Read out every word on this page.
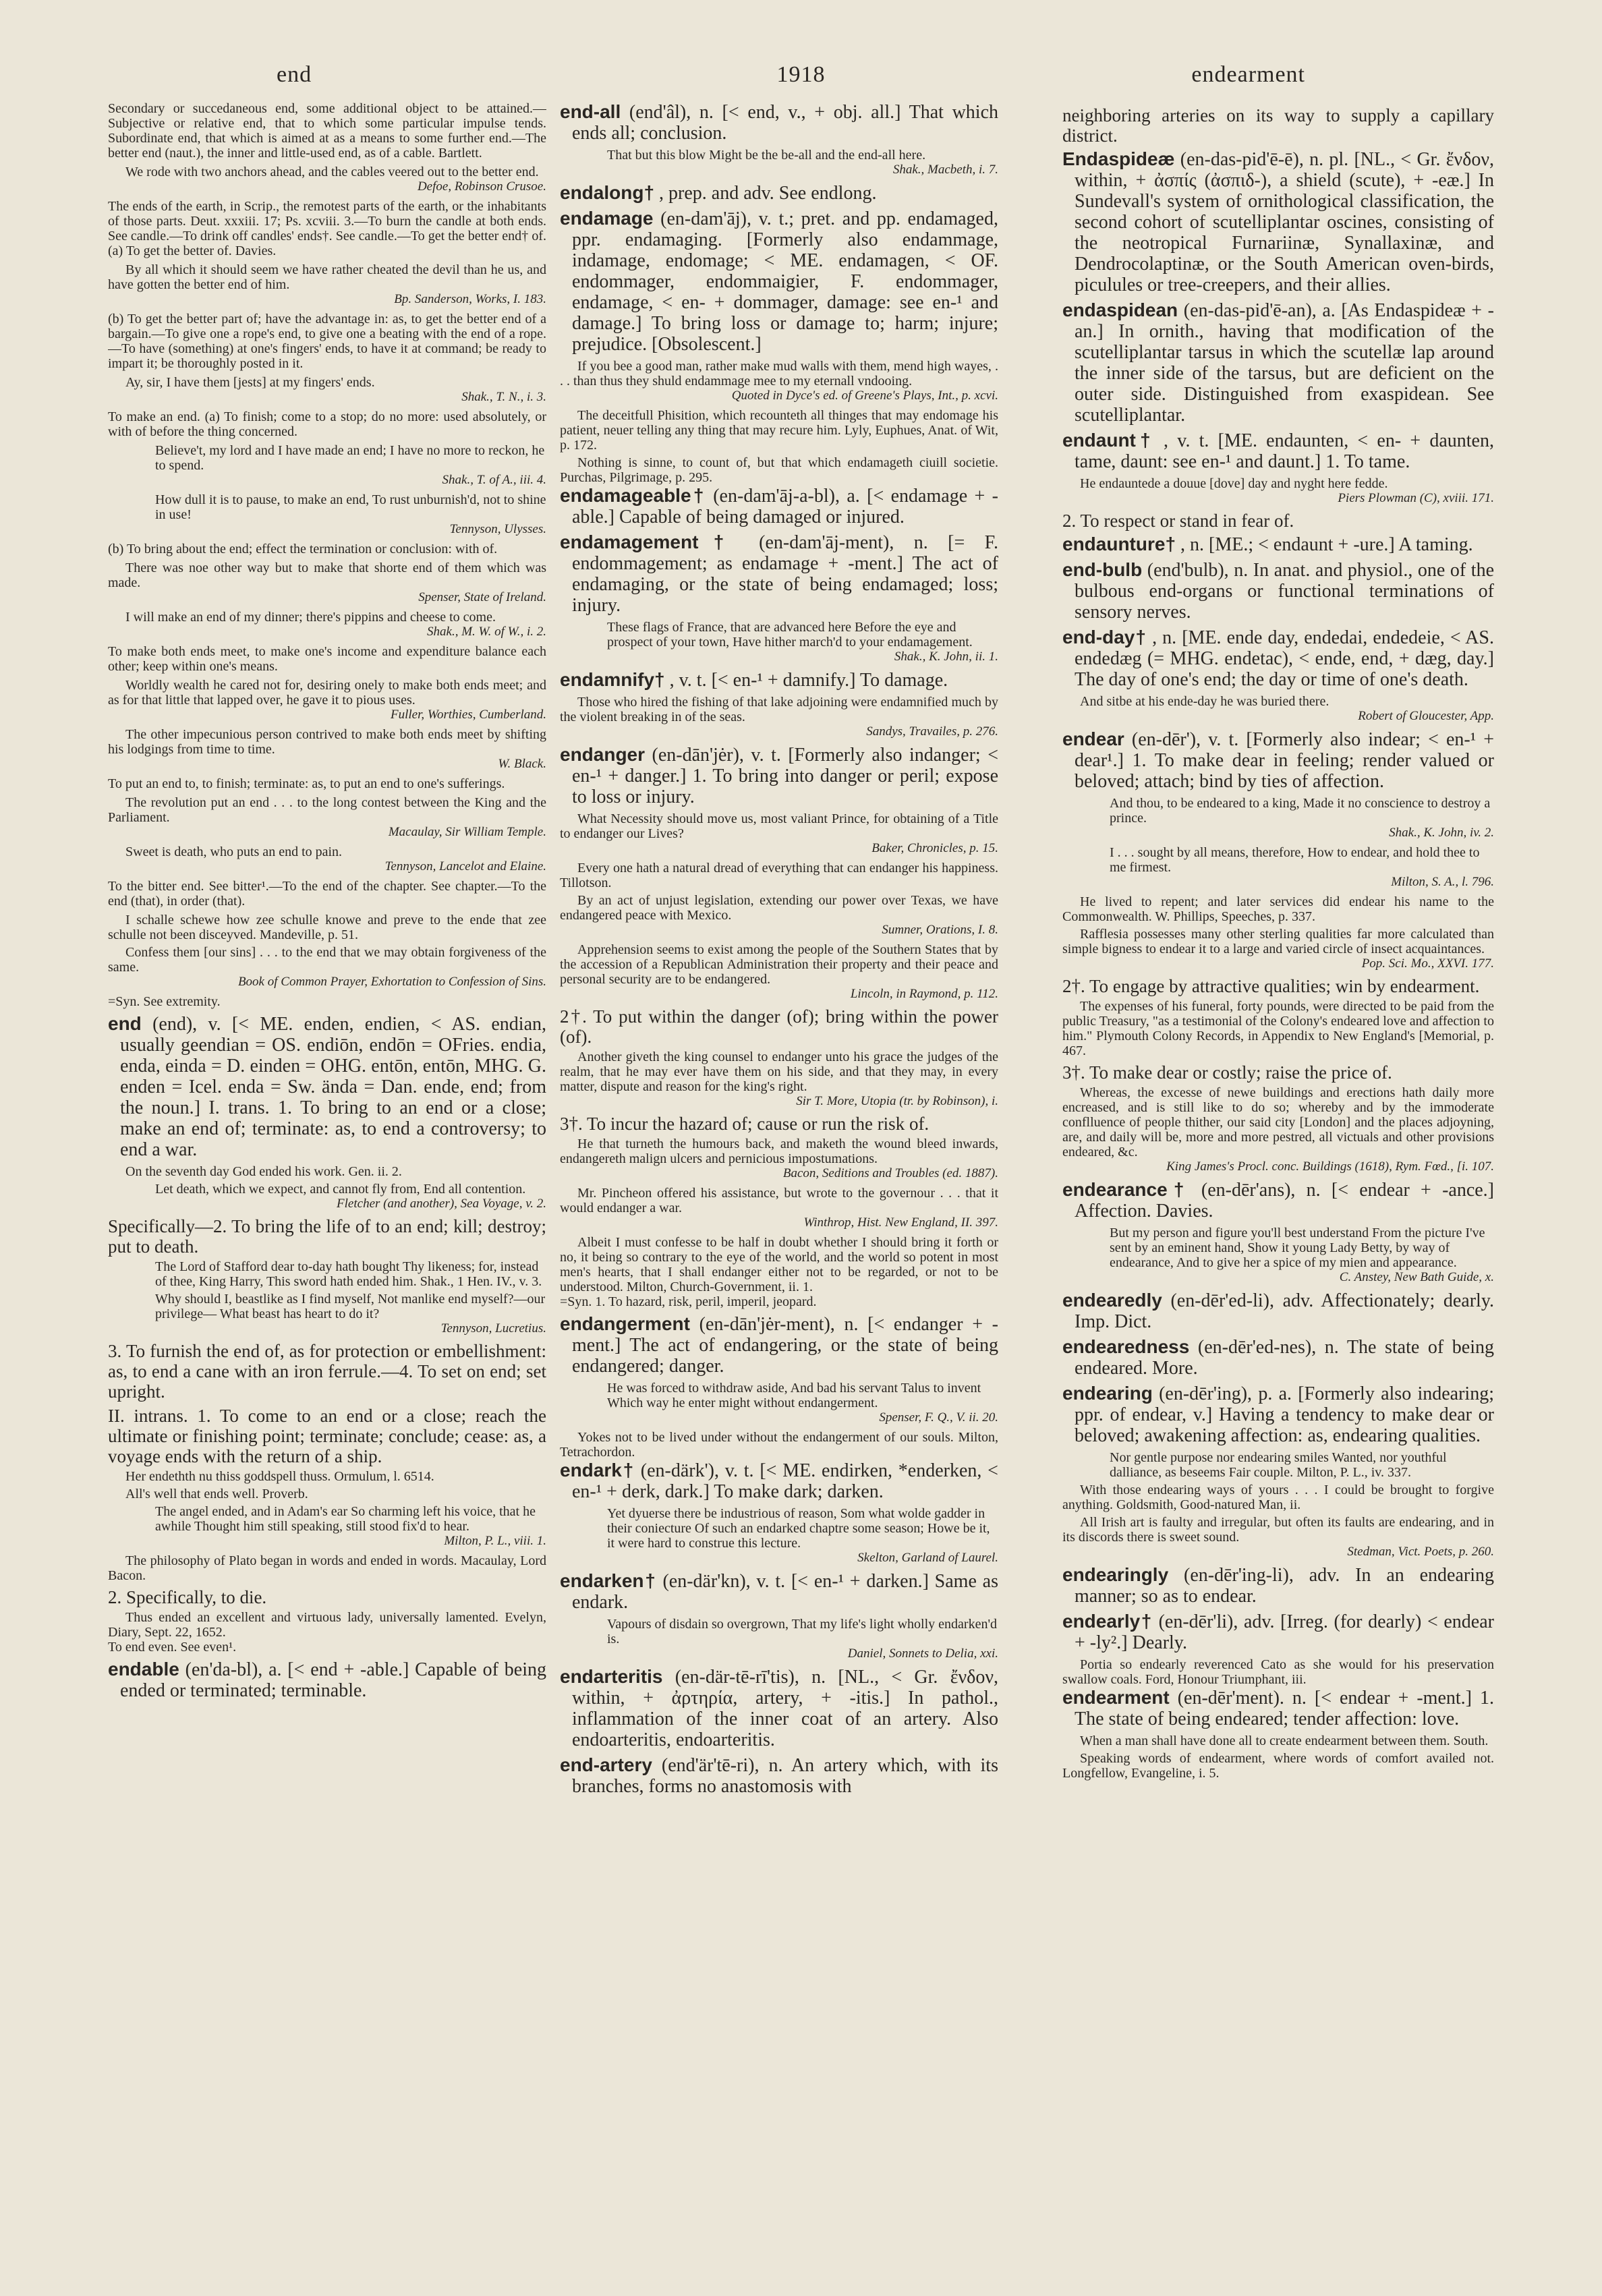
end	1918	endearment

Secondary or succedaneous end, some additional object to be attained.—Subjective or relative end, that to which some particular impulse tends. Subordinate end, that which is aimed at as a means to some further end.—The better end (naut.), the inner and little-used end, as of a cable. Bartlett.

We rode with two anchors ahead, and the cables veered out to the better end.

Defoe, Robinson Crusoe.

The ends of the earth, in Scrip., the remotest parts of the earth, or the inhabitants of those parts. Deut. xxxiii. 17; Ps. xcviii. 3.—To burn the candle at both ends. See candle.—To drink off candles' ends†. See candle.—To get the better end† of. (a) To get the better of. Davies.

By all which it should seem we have rather cheated the devil than he us, and have gotten the better end of him.

Bp. Sanderson, Works, I. 183.

(b) To get the better part of; have the advantage in: as, to get the better end of a bargain.—To give one a rope's end, to give one a beating with the end of a rope.—To have (something) at one's fingers' ends, to have it at command; be ready to impart it; be thoroughly posted in it.

Ay, sir, I have them [jests] at my fingers' ends.

Shak., T. N., i. 3.

To make an end. (a) To finish; come to a stop; do no more: used absolutely, or with of before the thing concerned.

Believe't, my lord and I have made an end; I have no more to reckon, he to spend.

Shak., T. of A., iii. 4.

How dull it is to pause, to make an end, To rust unburnish'd, not to shine in use!

Tennyson, Ulysses.

(b) To bring about the end; effect the termination or conclusion: with of.

There was noe other way but to make that shorte end of them which was made.

Spenser, State of Ireland.

I will make an end of my dinner; there's pippins and cheese to come.

Shak., M. W. of W., i. 2.

To make both ends meet, to make one's income and expenditure balance each other; keep within one's means.

Worldly wealth he cared not for, desiring onely to make both ends meet; and as for that little that lapped over, he gave it to pious uses.

Fuller, Worthies, Cumberland.

The other impecunious person contrived to make both ends meet by shifting his lodgings from time to time.

W. Black.

To put an end to, to finish; terminate: as, to put an end to one's sufferings.

The revolution put an end . . . to the long contest between the King and the Parliament.

Macaulay, Sir William Temple.

Sweet is death, who puts an end to pain.

Tennyson, Lancelot and Elaine.

To the bitter end. See bitter¹.—To the end of the chapter. See chapter.—To the end (that), in order (that).

I schalle schewe how zee schulle knowe and preve to the ende that zee schulle not been disceyved. Mandeville, p. 51.

Confess them [our sins] . . . to the end that we may obtain forgiveness of the same.

Book of Common Prayer, Exhortation to Confession of Sins.

=Syn. See extremity.

end (end), v. [< ME. enden, endien, < AS. endian, usually geendian = OS. endiōn, endōn = OFries. endia, enda, einda = D. einden = OHG. entōn, entōn, MHG. G. enden = Icel. enda = Sw. ända = Dan. ende, end; from the noun.] I. trans. 1. To bring to an end or a close; make an end of; terminate: as, to end a controversy; to end a war.

On the seventh day God ended his work. Gen. ii. 2.

Let death, which we expect, and cannot fly from, End all contention.

Fletcher (and another), Sea Voyage, v. 2.

Specifically—2. To bring the life of to an end; kill; destroy; put to death.

The Lord of Stafford dear to-day hath bought Thy likeness; for, instead of thee, King Harry, This sword hath ended him. Shak., 1 Hen. IV., v. 3.

Why should I, beastlike as I find myself, Not manlike end myself?—our privilege— What beast has heart to do it?

Tennyson, Lucretius.

3. To furnish the end of, as for protection or embellishment: as, to end a cane with an iron ferrule.—4. To set on end; set upright.

II. intrans. 1. To come to an end or a close; reach the ultimate or finishing point; terminate; conclude; cease: as, a voyage ends with the return of a ship.

Her endethth nu thiss goddspell thuss. Ormulum, l. 6514.

All's well that ends well. Proverb.

The angel ended, and in Adam's ear So charming left his voice, that he awhile Thought him still speaking, still stood fix'd to hear.

Milton, P. L., viii. 1.

The philosophy of Plato began in words and ended in words. Macaulay, Lord Bacon.

2. Specifically, to die.

Thus ended an excellent and virtuous lady, universally lamented. Evelyn, Diary, Sept. 22, 1652.

To end even. See even¹.

endable (en'da-bl), a. [< end + -able.] Capable of being ended or terminated; terminable.

end-all (end'âl), n. [< end, v., + obj. all.] That which ends all; conclusion.

That but this blow Might be the be-all and the end-all here.

Shak., Macbeth, i. 7.

endalong† , prep. and adv. See endlong.

endamage (en-dam'āj), v. t.; pret. and pp. endamaged, ppr. endamaging. [Formerly also endammage, indamage, endomage; < ME. endamagen, < OF. endommager, endommaigier, F. endommager, endamage, < en- + dommager, damage: see en-¹ and damage.] To bring loss or damage to; harm; injure; prejudice. [Obsolescent.]

If you bee a good man, rather make mud walls with them, mend high wayes, . . . than thus they shuld endammage mee to my eternall vndooing.

Quoted in Dyce's ed. of Greene's Plays, Int., p. xcvi.

The deceitfull Phisition, which recounteth all thinges that may endomage his patient, neuer telling any thing that may recure him. Lyly, Euphues, Anat. of Wit, p. 172.

Nothing is sinne, to count of, but that which endamageth ciuill societie. Purchas, Pilgrimage, p. 295.

endamageable† (en-dam'āj-a-bl), a. [< endamage + -able.] Capable of being damaged or injured.

endamagement† (en-dam'āj-ment), n. [= F. endommagement; as endamage + -ment.] The act of endamaging, or the state of being endamaged; loss; injury.

These flags of France, that are advanced here Before the eye and prospect of your town, Have hither march'd to your endamagement.

Shak., K. John, ii. 1.

endamnify† , v. t. [< en-¹ + damnify.] To damage.

Those who hired the fishing of that lake adjoining were endamnified much by the violent breaking in of the seas.

Sandys, Travailes, p. 276.

endanger (en-dān'jėr), v. t. [Formerly also indanger; < en-¹ + danger.] 1. To bring into danger or peril; expose to loss or injury.

What Necessity should move us, most valiant Prince, for obtaining of a Title to endanger our Lives?

Baker, Chronicles, p. 15.

Every one hath a natural dread of everything that can endanger his happiness. Tillotson.

By an act of unjust legislation, extending our power over Texas, we have endangered peace with Mexico.

Sumner, Orations, I. 8.

Apprehension seems to exist among the people of the Southern States that by the accession of a Republican Administration their property and their peace and personal security are to be endangered.

Lincoln, in Raymond, p. 112.

2†. To put within the danger (of); bring within the power (of).

Another giveth the king counsel to endanger unto his grace the judges of the realm, that he may ever have them on his side, and that they may, in every matter, dispute and reason for the king's right.

Sir T. More, Utopia (tr. by Robinson), i.

3†. To incur the hazard of; cause or run the risk of.

He that turneth the humours back, and maketh the wound bleed inwards, endangereth malign ulcers and pernicious impostumations.

Bacon, Seditions and Troubles (ed. 1887).

Mr. Pincheon offered his assistance, but wrote to the governour . . . that it would endanger a war.

Winthrop, Hist. New England, II. 397.

Albeit I must confesse to be half in doubt whether I should bring it forth or no, it being so contrary to the eye of the world, and the world so potent in most men's hearts, that I shall endanger either not to be regarded, or not to be understood. Milton, Church-Government, ii. 1.

=Syn. 1. To hazard, risk, peril, imperil, jeopard.

endangerment (en-dān'jėr-ment), n. [< endanger + -ment.] The act of endangering, or the state of being endangered; danger.

He was forced to withdraw aside, And bad his servant Talus to invent Which way he enter might without endangerment.

Spenser, F. Q., V. ii. 20.

Yokes not to be lived under without the endangerment of our souls. Milton, Tetrachordon.

endark† (en-därk'), v. t. [< ME. endirken, *enderken, < en-¹ + derk, dark.] To make dark; darken.

Yet dyuerse there be industrious of reason, Som what wolde gadder in their coniecture Of such an endarked chaptre some season; Howe be it, it were hard to construe this lecture.

Skelton, Garland of Laurel.

endarken† (en-där'kn), v. t. [< en-¹ + darken.] Same as endark.

Vapours of disdain so overgrown, That my life's light wholly endarken'd is.

Daniel, Sonnets to Delia, xxi.

endarteritis (en-där-tē-rī'tis), n. [NL., < Gr. ἔνδον, within, + ἀρτηρία, artery, + -itis.] In pathol., inflammation of the inner coat of an artery. Also endoarteritis, endoarteritis.

end-artery (end'är'tē-ri), n. An artery which, with its branches, forms no anastomosis with

neighboring arteries on its way to supply a capillary district.

Endaspideæ (en-das-pid'ē-ē), n. pl. [NL., < Gr. ἔνδον, within, + ἀσπίς (ἀσπιδ-), a shield (scute), + -eæ.] In Sundevall's system of ornithological classification, the second cohort of scutelliplantar oscines, consisting of the neotropical Furnariinæ, Synallaxinæ, and Dendrocolaptinæ, or the South American oven-birds, piculules or tree-creepers, and their allies.

endaspidean (en-das-pid'ē-an), a. [As Endaspideæ + -an.] In ornith., having that modification of the scutelliplantar tarsus in which the scutellæ lap around the inner side of the tarsus, but are deficient on the outer side. Distinguished from exaspidean. See scutelliplantar.

endaunt† , v. t. [ME. endaunten, < en- + daunten, tame, daunt: see en-¹ and daunt.] 1. To tame.

He endauntede a douue [dove] day and nyght here fedde.

Piers Plowman (C), xviii. 171.

2. To respect or stand in fear of.

endaunture† , n. [ME.; < endaunt + -ure.] A taming.

end-bulb (end'bulb), n. In anat. and physiol., one of the bulbous end-organs or functional terminations of sensory nerves.

end-day† , n. [ME. ende day, endedai, endedeie, < AS. endedæg (= MHG. endetac), < ende, end, + dæg, day.] The day of one's end; the day or time of one's death.

And sitbe at his ende-day he was buried there.

Robert of Gloucester, App.

endear (en-dēr'), v. t. [Formerly also indear; < en-¹ + dear¹.] 1. To make dear in feeling; render valued or beloved; attach; bind by ties of affection.

And thou, to be endeared to a king, Made it no conscience to destroy a prince.

Shak., K. John, iv. 2.

I . . . sought by all means, therefore, How to endear, and hold thee to me firmest.

Milton, S. A., l. 796.

He lived to repent; and later services did endear his name to the Commonwealth. W. Phillips, Speeches, p. 337.

Rafflesia possesses many other sterling qualities far more calculated than simple bigness to endear it to a large and varied circle of insect acquaintances.

Pop. Sci. Mo., XXVI. 177.

2†. To engage by attractive qualities; win by endearment.

The expenses of his funeral, forty pounds, were directed to be paid from the public Treasury, "as a testimonial of the Colony's endeared love and affection to him." Plymouth Colony Records, in Appendix to New England's [Memorial, p. 467.

3†. To make dear or costly; raise the price of.

Whereas, the excesse of newe buildings and erections hath daily more encreased, and is still like to do so; whereby and by the immoderate conflluence of people thither, our said city [London] and the places adjoyning, are, and daily will be, more and more pestred, all victuals and other provisions endeared, &c.

King James's Procl. conc. Buildings (1618), Rym. Fœd., [i. 107.

endearance† (en-dēr'ans), n. [< endear + -ance.] Affection. Davies.

But my person and figure you'll best understand From the picture I've sent by an eminent hand, Show it young Lady Betty, by way of endearance, And to give her a spice of my mien and appearance.

C. Anstey, New Bath Guide, x.

endearedly (en-dēr'ed-li), adv. Affectionately; dearly. Imp. Dict.

endearedness (en-dēr'ed-nes), n. The state of being endeared. More.

endearing (en-dēr'ing), p. a. [Formerly also indearing; ppr. of endear, v.] Having a tendency to make dear or beloved; awakening affection: as, endearing qualities.

Nor gentle purpose nor endearing smiles Wanted, nor youthful dalliance, as beseems Fair couple. Milton, P. L., iv. 337.

With those endearing ways of yours . . . I could be brought to forgive anything. Goldsmith, Good-natured Man, ii.

All Irish art is faulty and irregular, but often its faults are endearing, and in its discords there is sweet sound.

Stedman, Vict. Poets, p. 260.

endearingly (en-dēr'ing-li), adv. In an endearing manner; so as to endear.

endearly† (en-dēr'li), adv. [Irreg. (for dearly) < endear + -ly².] Dearly.

Portia so endearly reverenced Cato as she would for his preservation swallow coals. Ford, Honour Triumphant, iii.

endearment (en-dēr'ment). n. [< endear + -ment.] 1. The state of being endeared; tender affection: love.

When a man shall have done all to create endearment between them. South.

Speaking words of endearment, where words of comfort availed not. Longfellow, Evangeline, i. 5.
